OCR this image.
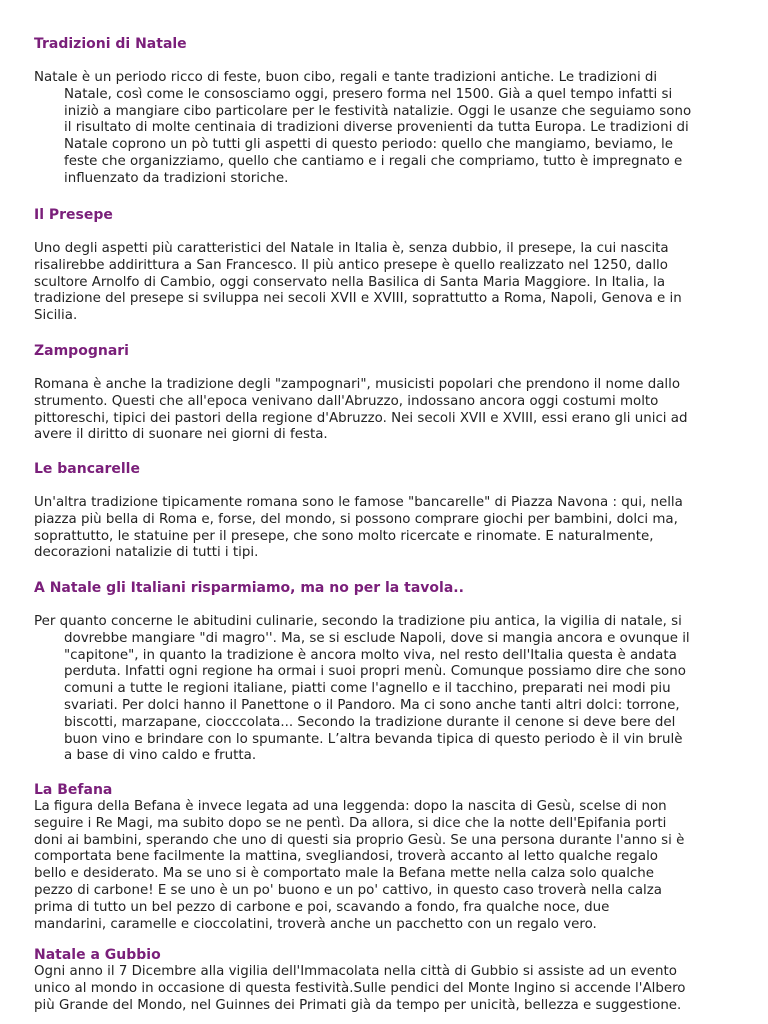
Tradizioni di Natale

Natale è un periodo ricco di feste, buon cibo, regali e tante tradizioni antiche. Le tradizioni di
Natale, così come le consosciamo oggi, presero forma nel 1500. Già a quel tempo infatti si
iniziò a mangiare cibo particolare per le festività natalizie. Oggi le usanze che seguiamo sono
il risultato di molte centinaia di tradizioni diverse provenienti da tutta Europa. Le tradizioni di
Natale coprono un pò tutti gli aspetti di questo periodo: quello che mangiamo, beviamo, le
feste che organizziamo, quello che cantiamo e i regali che compriamo, tutto è impregnato e
influenzato da tradizioni storiche.

Il Presepe

Uno degli aspetti più caratteristici del Natale in Italia è, senza dubbio, il presepe, la cui nascita
risalirebbe addirittura a San Francesco. Il più antico presepe è quello realizzato nel 1250, dallo
scultore Arnolfo di Cambio, oggi conservato nella Basilica di Santa Maria Maggiore. In Italia, la
tradizione del presepe si sviluppa nei secoli XVII e XVIII, soprattutto a Roma, Napoli, Genova e in
Sicilia.

Zampognari

Romana è anche la tradizione degli "zampognari", musicisti popolari che prendono il nome dallo
strumento. Questi che all'epoca venivano dall'Abruzzo, indossano ancora oggi costumi molto
pittoreschi, tipici dei pastori della regione d'Abruzzo. Nei secoli XVII e XVIII, essi erano gli unici ad
avere il diritto di suonare nei giorni di festa.

Le bancarelle

Un'altra tradizione tipicamente romana sono le famose "bancarelle" di Piazza Navona : qui, nella
piazza più bella di Roma e, forse, del mondo, si possono comprare giochi per bambini, dolci ma,
soprattutto, le statuine per il presepe, che sono molto ricercate e rinomate. E naturalmente,
decorazioni natalizie di tutti i tipi.

A Natale gli Italiani risparmiamo, ma no per la tavola..

Per quanto concerne le abitudini culinarie, secondo la tradizione piu antica, la vigilia di natale, si
dovrebbe mangiare "di magro''. Ma, se si esclude Napoli, dove si mangia ancora e ovunque il
"capitone", in quanto la tradizione è ancora molto viva, nel resto dell'Italia questa è andata
perduta. Infatti ogni regione ha ormai i suoi propri menù. Comunque possiamo dire che sono
comuni a tutte le regioni italiane, piatti come l'agnello e il tacchino, preparati nei modi piu
svariati. Per dolci hanno il Panettone o il Pandoro. Ma ci sono anche tanti altri dolci: torrone,
biscotti, marzapane, ciocccolata... Secondo la tradizione durante il cenone si deve bere del
buon vino e brindare con lo spumante. L’altra bevanda tipica di questo periodo è il vin brulè
a base di vino caldo e frutta.

La Befana

La figura della Befana è invece legata ad una leggenda: dopo la nascita di Gesù, scelse di non
seguire i Re Magi, ma subito dopo se ne pentì. Da allora, si dice che la notte dell'Epifania porti
doni ai bambini, sperando che uno di questi sia proprio Gesù. Se una persona durante l'anno si è
comportata bene facilmente la mattina, svegliandosi, troverà accanto al letto qualche regalo
bello e desiderato. Ma se uno si è comportato male la Befana mette nella calza solo qualche
pezzo di carbone! E se uno è un po' buono e un po' cattivo, in questo caso troverà nella calza
prima di tutto un bel pezzo di carbone e poi, scavando a fondo, fra qualche noce, due
mandarini, caramelle e cioccolatini, troverà anche un pacchetto con un regalo vero.

Natale a Gubbio

Ogni anno il 7 Dicembre alla vigilia dell'Immacolata nella città di Gubbio si assiste ad un evento
unico al mondo in occasione di questa festività.Sulle pendici del Monte Ingino si accende l'Albero
più Grande del Mondo, nel Guinnes dei Primati già da tempo per unicità, bellezza e suggestione.
